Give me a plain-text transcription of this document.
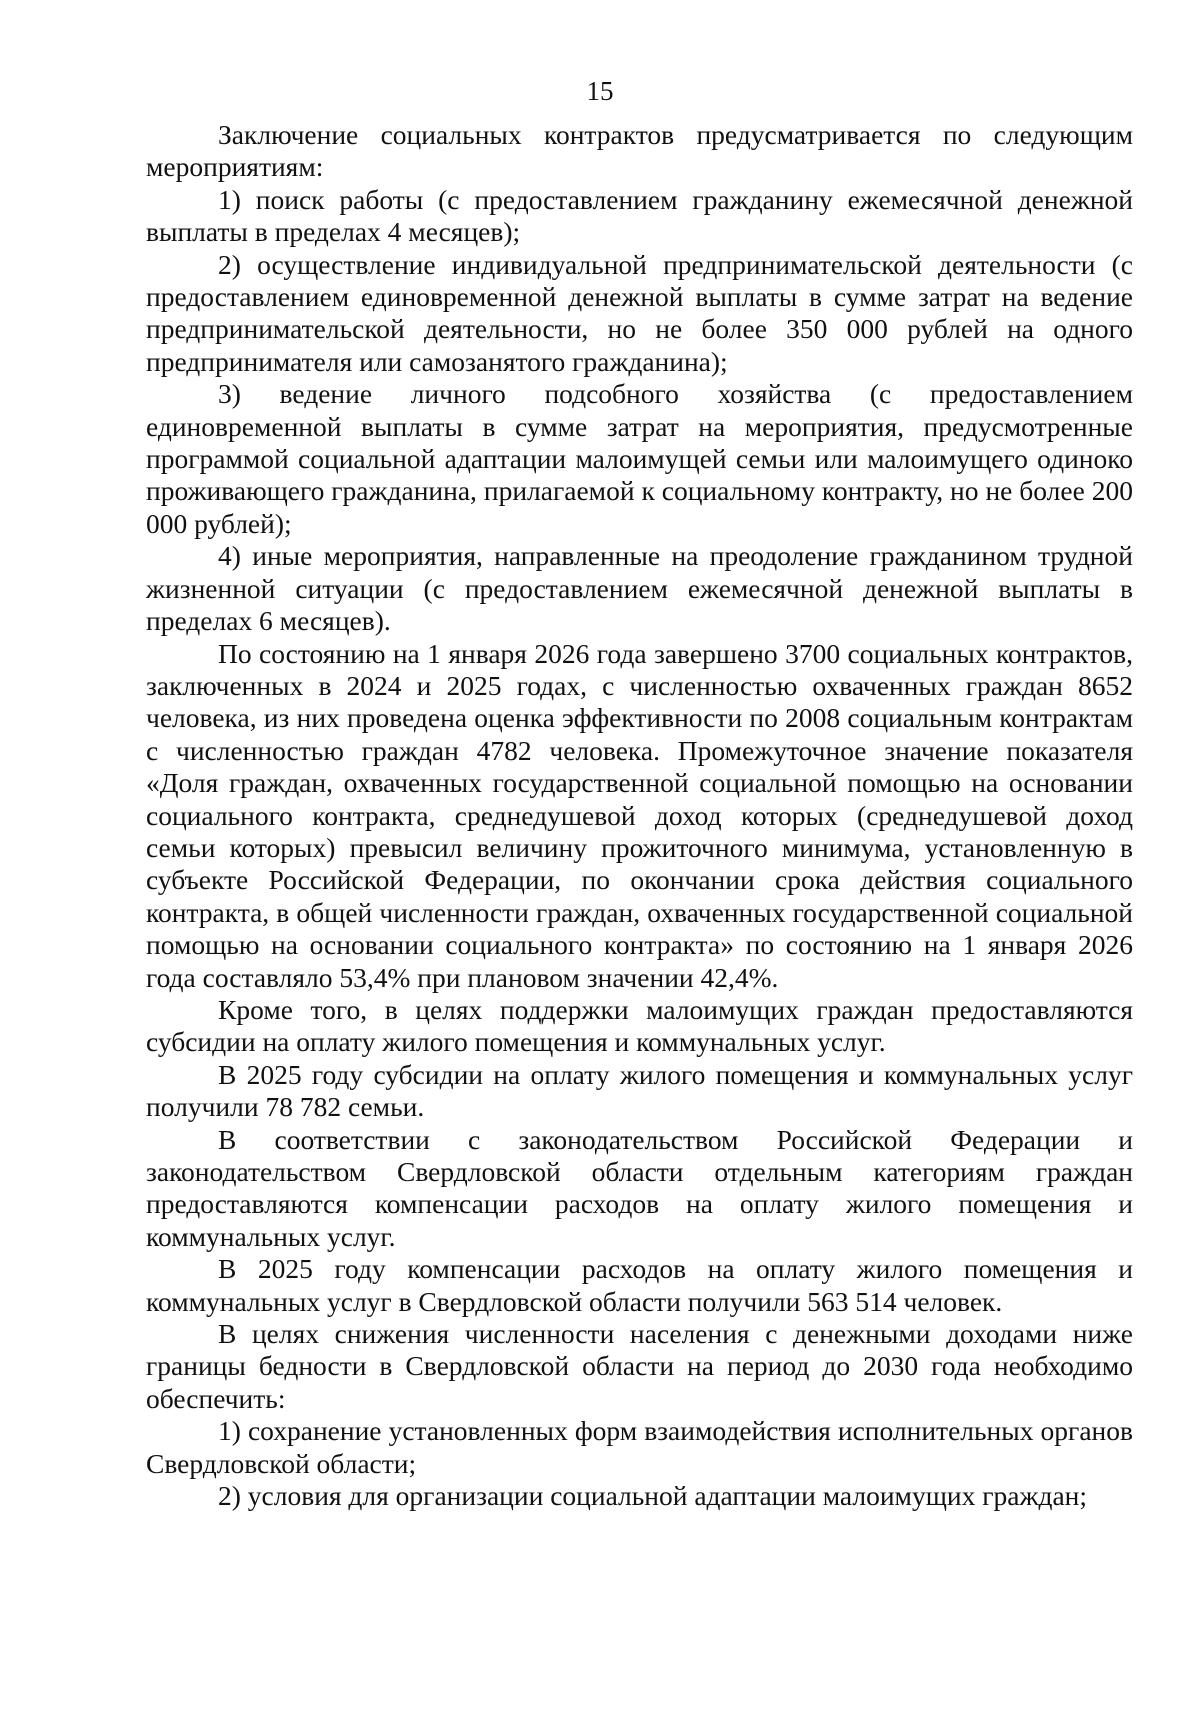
15

Заключение социальных контрактов предусматривается по следующим мероприятиям:

1) поиск работы (с предоставлением гражданину ежемесячной денежной выплаты в пределах 4 месяцев);

2) осуществление индивидуальной предпринимательской деятельности (с предоставлением единовременной денежной выплаты в сумме затрат на ведение предпринимательской деятельности, но не более 350 000 рублей на одного предпринимателя или самозанятого гражданина);

3) ведение личного подсобного хозяйства (с предоставлением единовременной выплаты в сумме затрат на мероприятия, предусмотренные программой социальной адаптации малоимущей семьи или малоимущего одиноко проживающего гражданина, прилагаемой к социальному контракту, но не более 200 000 рублей);

4) иные мероприятия, направленные на преодоление гражданином трудной жизненной ситуации (с предоставлением ежемесячной денежной выплаты в пределах 6 месяцев).

По состоянию на 1 января 2026 года завершено 3700 социальных контрактов, заключенных в 2024 и 2025 годах, с численностью охваченных граждан 8652 человека, из них проведена оценка эффективности по 2008 социальным контрактам с численностью граждан 4782 человека. Промежуточное значение показателя «Доля граждан, охваченных государственной социальной помощью на основании социального контракта, среднедушевой доход которых (среднедушевой доход семьи которых) превысил величину прожиточного минимума, установленную в субъекте Российской Федерации, по окончании срока действия социального контракта, в общей численности граждан, охваченных государственной социальной помощью на основании социального контракта» по состоянию на 1 января 2026 года составляло 53,4% при плановом значении 42,4%.

Кроме того, в целях поддержки малоимущих граждан предоставляются субсидии на оплату жилого помещения и коммунальных услуг.

В 2025 году субсидии на оплату жилого помещения и коммунальных услуг получили 78 782 семьи.

В соответствии с законодательством Российской Федерации и законодательством Свердловской области отдельным категориям граждан предоставляются компенсации расходов на оплату жилого помещения и коммунальных услуг.

В 2025 году компенсации расходов на оплату жилого помещения и коммунальных услуг в Свердловской области получили 563 514 человек.

В целях снижения численности населения с денежными доходами ниже границы бедности в Свердловской области на период до 2030 года необходимо обеспечить:

1) сохранение установленных форм взаимодействия исполнительных органов Свердловской области;

2) условия для организации социальной адаптации малоимущих граждан;
